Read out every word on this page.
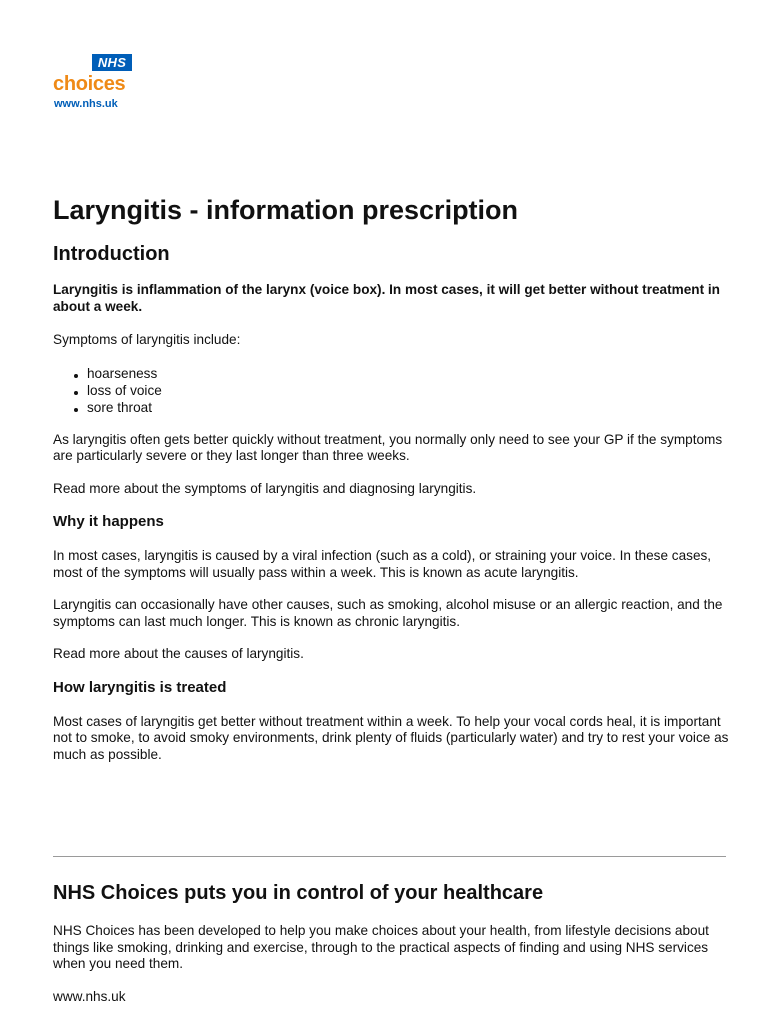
NHS
choices
www.nhs.uk
Laryngitis - information prescription
Introduction

Laryngitis is inflammation of the larynx (voice box). In most cases, it will get better without treatment in about a week.

Symptoms of laryngitis include:

hoarseness
loss of voice
sore throat

As laryngitis often gets better quickly without treatment, you normally only need to see your GP if the symptoms are particularly severe or they last longer than three weeks.

Read more about the symptoms of laryngitis and diagnosing laryngitis.

Why it happens

In most cases, laryngitis is caused by a viral infection (such as a cold), or straining your voice. In these cases, most of the symptoms will usually pass within a week. This is known as acute laryngitis.

Laryngitis can occasionally have other causes, such as smoking, alcohol misuse or an allergic reaction, and the symptoms can last much longer. This is known as chronic laryngitis.

Read more about the causes of laryngitis.

How laryngitis is treated

Most cases of laryngitis get better without treatment within a week. To help your vocal cords heal, it is important not to smoke, to avoid smoky environments, drink plenty of fluids (particularly water) and try to rest your voice as much as possible.

NHS Choices puts you in control of your healthcare

NHS Choices has been developed to help you make choices about your health, from lifestyle decisions about things like smoking, drinking and exercise, through to the practical aspects of finding and using NHS services when you need them.

www.nhs.uk
